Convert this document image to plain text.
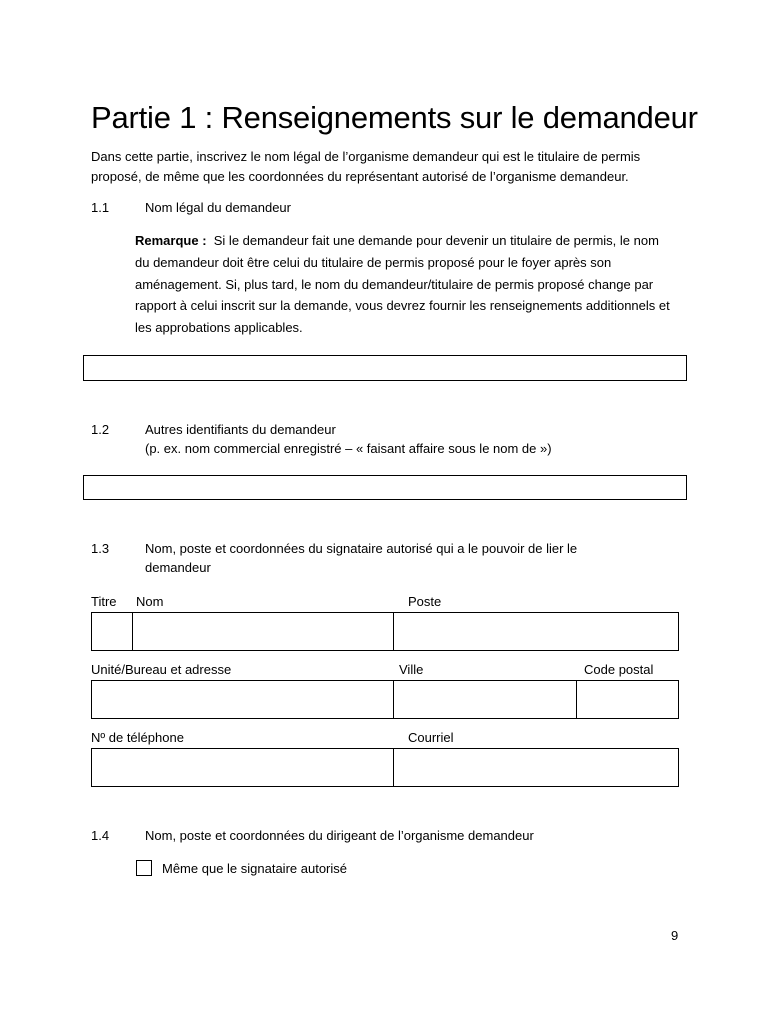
Partie 1 : Renseignements sur le demandeur
Dans cette partie, inscrivez le nom légal de l’organisme demandeur qui est le titulaire de permis proposé, de même que les coordonnées du représentant autorisé de l’organisme demandeur.
1.1	Nom légal du demandeur
Remarque : Si le demandeur fait une demande pour devenir un titulaire de permis, le nom du demandeur doit être celui du titulaire de permis proposé pour le foyer après son aménagement. Si, plus tard, le nom du demandeur/titulaire de permis proposé change par rapport à celui inscrit sur la demande, vous devrez fournir les renseignements additionnels et les approbations applicables.
1.2	Autres identifiants du demandeur
(p. ex. nom commercial enregistré – « faisant affaire sous le nom de »)
1.3	Nom, poste et coordonnées du signataire autorisé qui a le pouvoir de lier le demandeur
Titre Nom	Poste
Unité/Bureau et adresse	Ville	Code postal
Nº de téléphone	Courriel
1.4	Nom, poste et coordonnées du dirigeant de l’organisme demandeur
Même que le signataire autorisé
9
